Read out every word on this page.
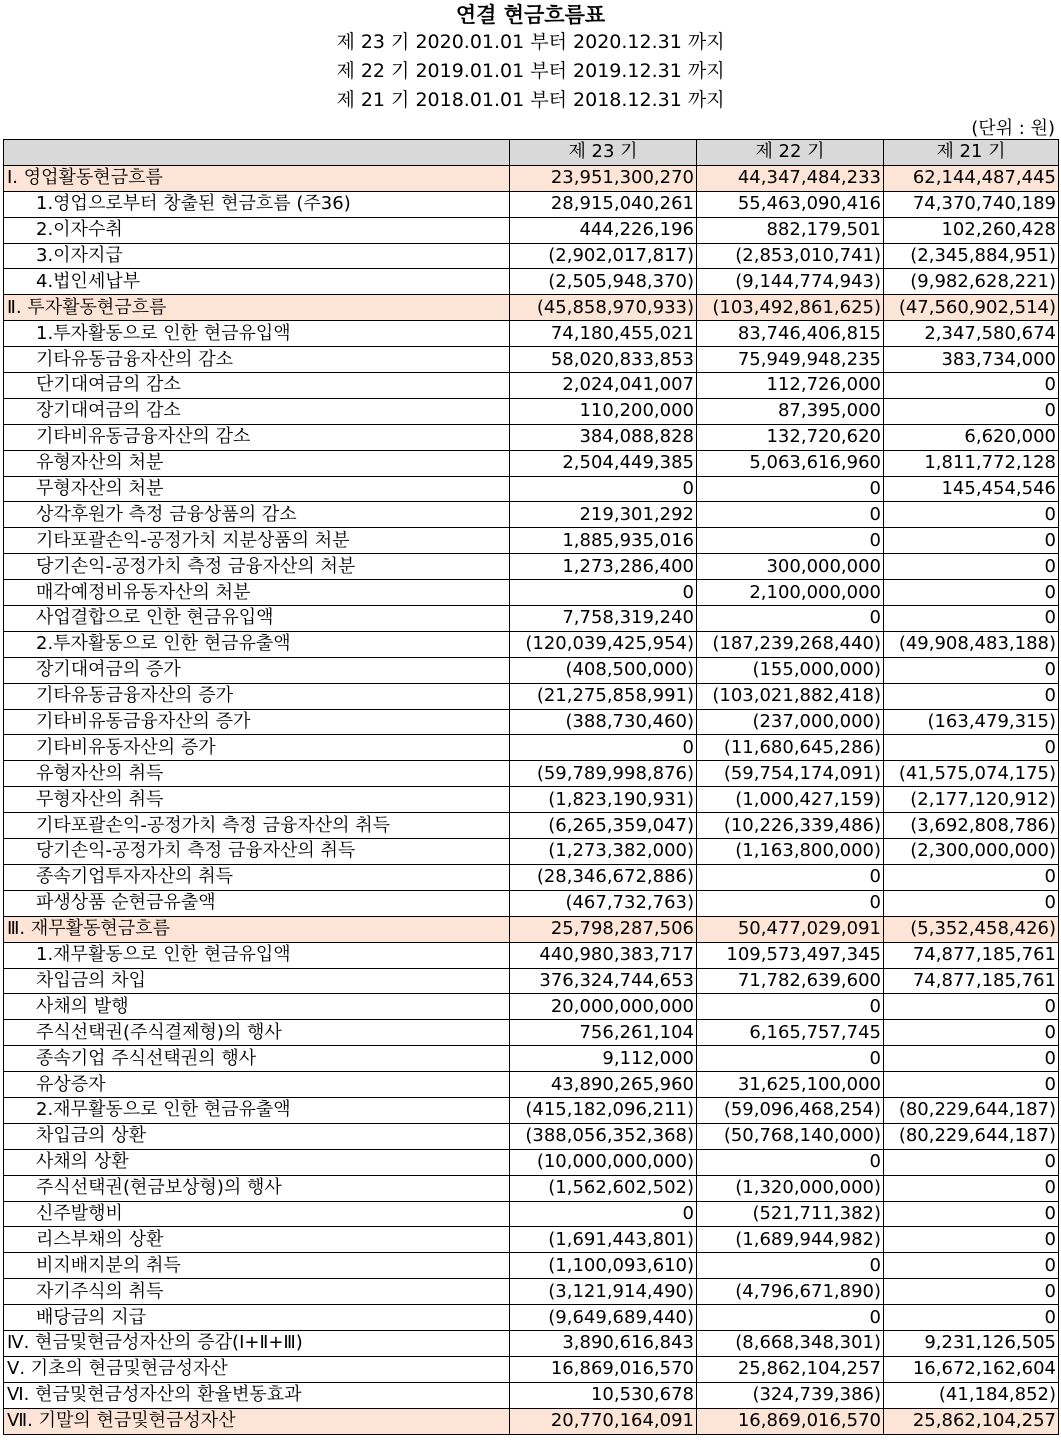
연결 현금흐름표
제 23 기 2020.01.01 부터 2020.12.31 까지
제 22 기 2019.01.01 부터 2019.12.31 까지
제 21 기 2018.01.01 부터 2018.12.31 까지
(단위 : 원)
	제 23 기	제 22 기	제 21 기
Ⅰ. 영업활동현금흐름	23,951,300,270	44,347,484,233	62,144,487,445
1.영업으로부터 창출된 현금흐름 (주36)	28,915,040,261	55,463,090,416	74,370,740,189
2.이자수취	444,226,196	882,179,501	102,260,428
3.이자지급	(2,902,017,817)	(2,853,010,741)	(2,345,884,951)
4.법인세납부	(2,505,948,370)	(9,144,774,943)	(9,982,628,221)
Ⅱ. 투자활동현금흐름	(45,858,970,933)	(103,492,861,625)	(47,560,902,514)
1.투자활동으로 인한 현금유입액	74,180,455,021	83,746,406,815	2,347,580,674
기타유동금융자산의 감소	58,020,833,853	75,949,948,235	383,734,000
단기대여금의 감소	2,024,041,007	112,726,000	0
장기대여금의 감소	110,200,000	87,395,000	0
기타비유동금융자산의 감소	384,088,828	132,720,620	6,620,000
유형자산의 처분	2,504,449,385	5,063,616,960	1,811,772,128
무형자산의 처분	0	0	145,454,546
상각후원가 측정 금융상품의 감소	219,301,292	0	0
기타포괄손익-공정가치 지분상품의 처분	1,885,935,016	0	0
당기손익-공정가치 측정 금융자산의 처분	1,273,286,400	300,000,000	0
매각예정비유동자산의 처분	0	2,100,000,000	0
사업결합으로 인한 현금유입액	7,758,319,240	0	0
2.투자활동으로 인한 현금유출액	(120,039,425,954)	(187,239,268,440)	(49,908,483,188)
장기대여금의 증가	(408,500,000)	(155,000,000)	0
기타유동금융자산의 증가	(21,275,858,991)	(103,021,882,418)	0
기타비유동금융자산의 증가	(388,730,460)	(237,000,000)	(163,479,315)
기타비유동자산의 증가	0	(11,680,645,286)	0
유형자산의 취득	(59,789,998,876)	(59,754,174,091)	(41,575,074,175)
무형자산의 취득	(1,823,190,931)	(1,000,427,159)	(2,177,120,912)
기타포괄손익-공정가치 측정 금융자산의 취득	(6,265,359,047)	(10,226,339,486)	(3,692,808,786)
당기손익-공정가치 측정 금융자산의 취득	(1,273,382,000)	(1,163,800,000)	(2,300,000,000)
종속기업투자자산의 취득	(28,346,672,886)	0	0
파생상품 순현금유출액	(467,732,763)	0	0
Ⅲ. 재무활동현금흐름	25,798,287,506	50,477,029,091	(5,352,458,426)
1.재무활동으로 인한 현금유입액	440,980,383,717	109,573,497,345	74,877,185,761
차입금의 차입	376,324,744,653	71,782,639,600	74,877,185,761
사채의 발행	20,000,000,000	0	0
주식선택권(주식결제형)의 행사	756,261,104	6,165,757,745	0
종속기업 주식선택권의 행사	9,112,000	0	0
유상증자	43,890,265,960	31,625,100,000	0
2.재무활동으로 인한 현금유출액	(415,182,096,211)	(59,096,468,254)	(80,229,644,187)
차입금의 상환	(388,056,352,368)	(50,768,140,000)	(80,229,644,187)
사채의 상환	(10,000,000,000)	0	0
주식선택권(현금보상형)의 행사	(1,562,602,502)	(1,320,000,000)	0
신주발행비	0	(521,711,382)	0
리스부채의 상환	(1,691,443,801)	(1,689,944,982)	0
비지배지분의 취득	(1,100,093,610)	0	0
자기주식의 취득	(3,121,914,490)	(4,796,671,890)	0
배당금의 지급	(9,649,689,440)	0	0
Ⅳ. 현금및현금성자산의 증감(Ⅰ+Ⅱ+Ⅲ)	3,890,616,843	(8,668,348,301)	9,231,126,505
Ⅴ. 기초의 현금및현금성자산	16,869,016,570	25,862,104,257	16,672,162,604
Ⅵ. 현금및현금성자산의 환율변동효과	10,530,678	(324,739,386)	(41,184,852)
Ⅶ. 기말의 현금및현금성자산	20,770,164,091	16,869,016,570	25,862,104,257
